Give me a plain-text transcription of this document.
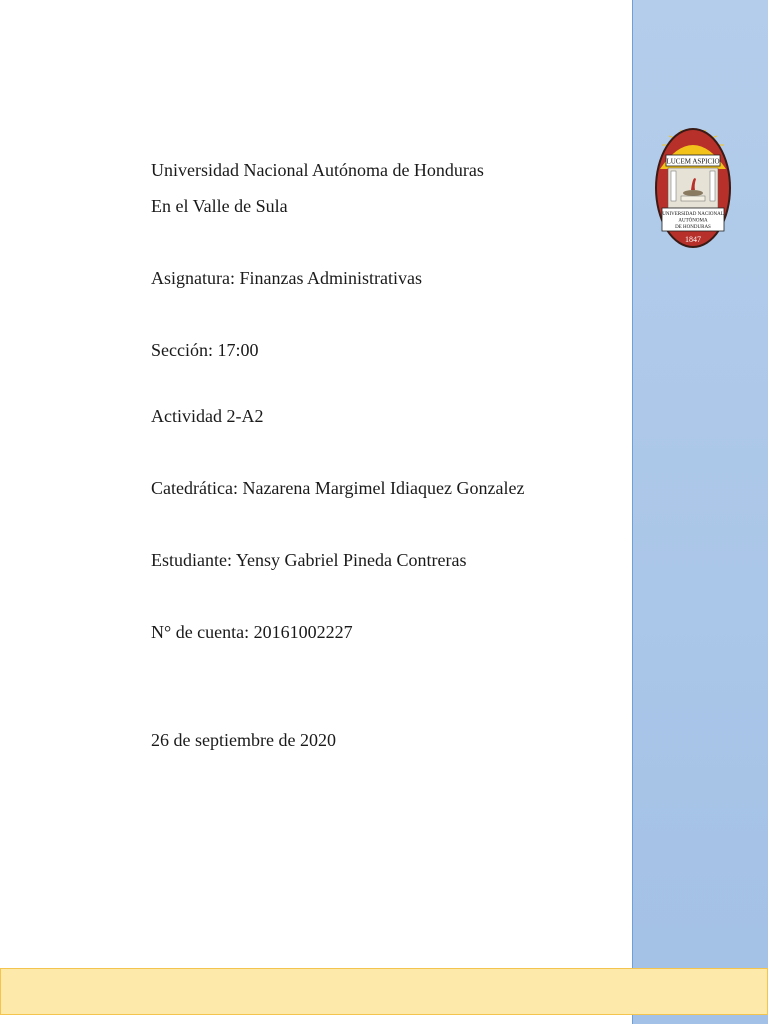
Universidad Nacional Autónoma de Honduras
En el Valle de Sula
Asignatura: Finanzas Administrativas
Sección: 17:00
Actividad 2-A2
Catedrática: Nazarena Margimel Idiaquez Gonzalez
Estudiante: Yensy Gabriel Pineda Contreras
N° de cuenta: 20161002227
26 de septiembre de 2020
LUCEM ASPICIO
UNIVERSIDAD NACIONAL
AUTÓNOMA
DE HONDURAS
1847
